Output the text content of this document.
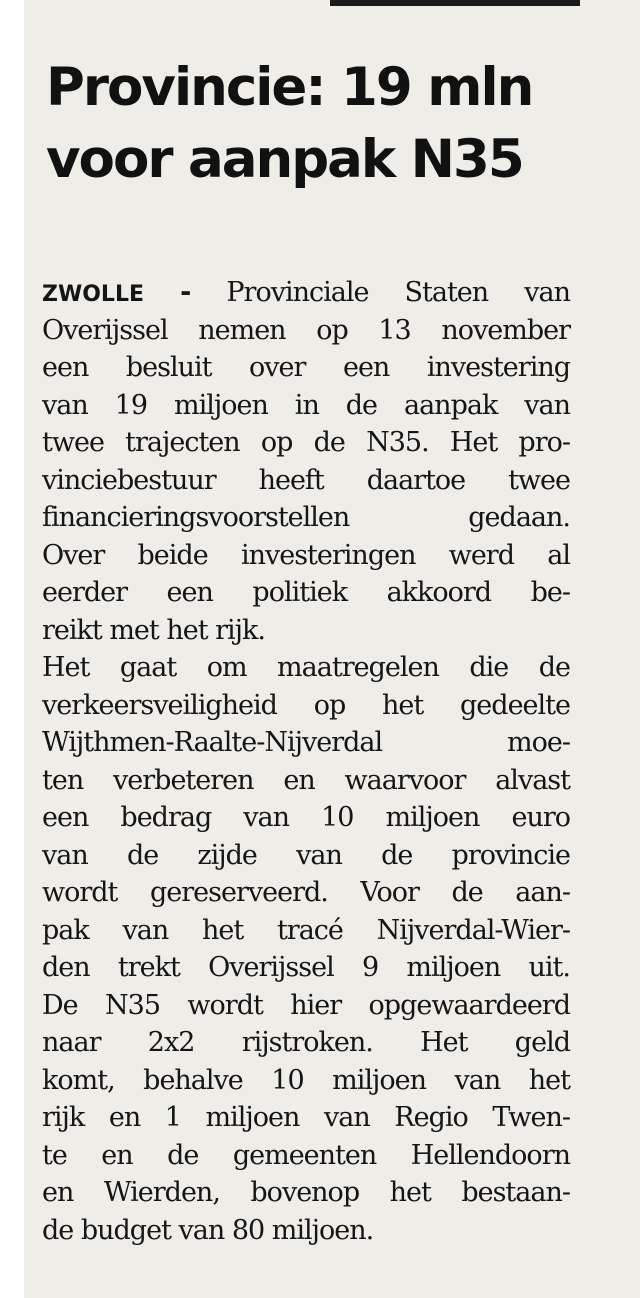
Provincie: 19 mln
voor aanpak N35
ZWOLLE - Provinciale Staten van
Overijssel nemen op 13 november
een besluit over een investering
van 19 miljoen in de aanpak van
twee trajecten op de N35. Het pro-
vinciebestuur heeft daartoe twee
financieringsvoorstellen gedaan.
Over beide investeringen werd al
eerder een politiek akkoord be-
reikt met het rijk.
Het gaat om maatregelen die de
verkeersveiligheid op het gedeelte
Wijthmen-Raalte-Nijverdal moe-
ten verbeteren en waarvoor alvast
een bedrag van 10 miljoen euro
van de zijde van de provincie
wordt gereserveerd. Voor de aan-
pak van het tracé Nijverdal-Wier-
den trekt Overijssel 9 miljoen uit.
De N35 wordt hier opgewaardeerd
naar 2x2 rijstroken. Het geld
komt, behalve 10 miljoen van het
rijk en 1 miljoen van Regio Twen-
te en de gemeenten Hellendoorn
en Wierden, bovenop het bestaan-
de budget van 80 miljoen.
